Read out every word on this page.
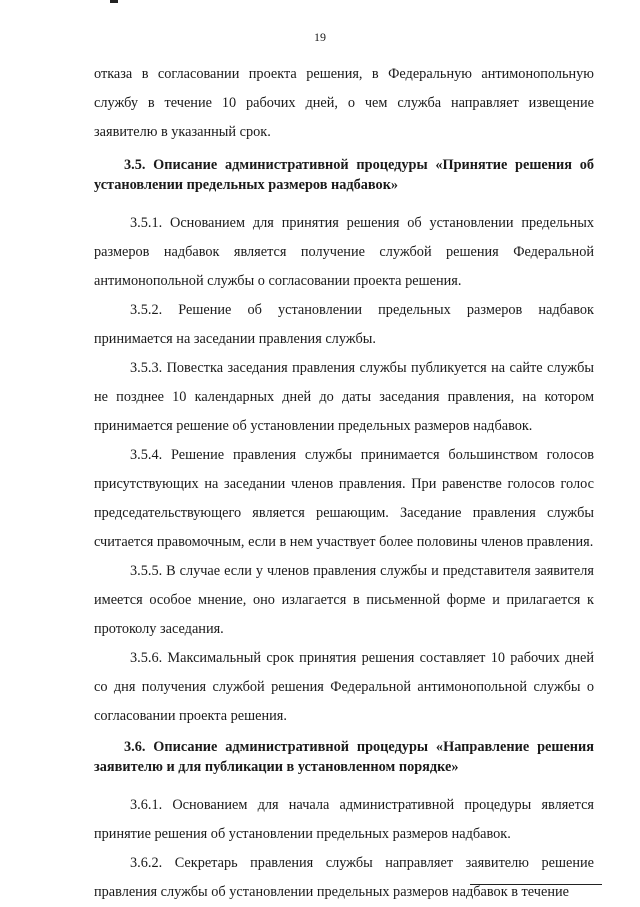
19

отказа в согласовании проекта решения, в Федеральную антимонопольную службу в течение 10 рабочих дней, о чем служба направляет извещение заявителю в указанный срок.

3.5. Описание административной процедуры «Принятие решения об установлении предельных размеров надбавок»

3.5.1. Основанием для принятия решения об установлении предельных размеров надбавок является получение службой решения Федеральной антимонопольной службы о согласовании проекта решения.

3.5.2. Решение об установлении предельных размеров надбавок принимается на заседании правления службы.

3.5.3. Повестка заседания правления службы публикуется на сайте службы не позднее 10 календарных дней до даты заседания правления, на котором принимается решение об установлении предельных размеров надбавок.

3.5.4. Решение правления службы принимается большинством голосов присутствующих на заседании членов правления. При равенстве голосов голос председательствующего является решающим. Заседание правления службы считается правомочным, если в нем участвует более половины членов правления.

3.5.5. В случае если у членов правления службы и представителя заявителя имеется особое мнение, оно излагается в письменной форме и прилагается к протоколу заседания.

3.5.6. Максимальный срок принятия решения составляет 10 рабочих дней со дня получения службой решения Федеральной антимонопольной службы о согласовании проекта решения.

3.6. Описание административной процедуры «Направление решения заявителю и для публикации в установленном порядке»

3.6.1. Основанием для начала административной процедуры является принятие решения об установлении предельных размеров надбавок.

3.6.2. Секретарь правления службы направляет заявителю решение правления службы об установлении предельных размеров надбавок в течение
